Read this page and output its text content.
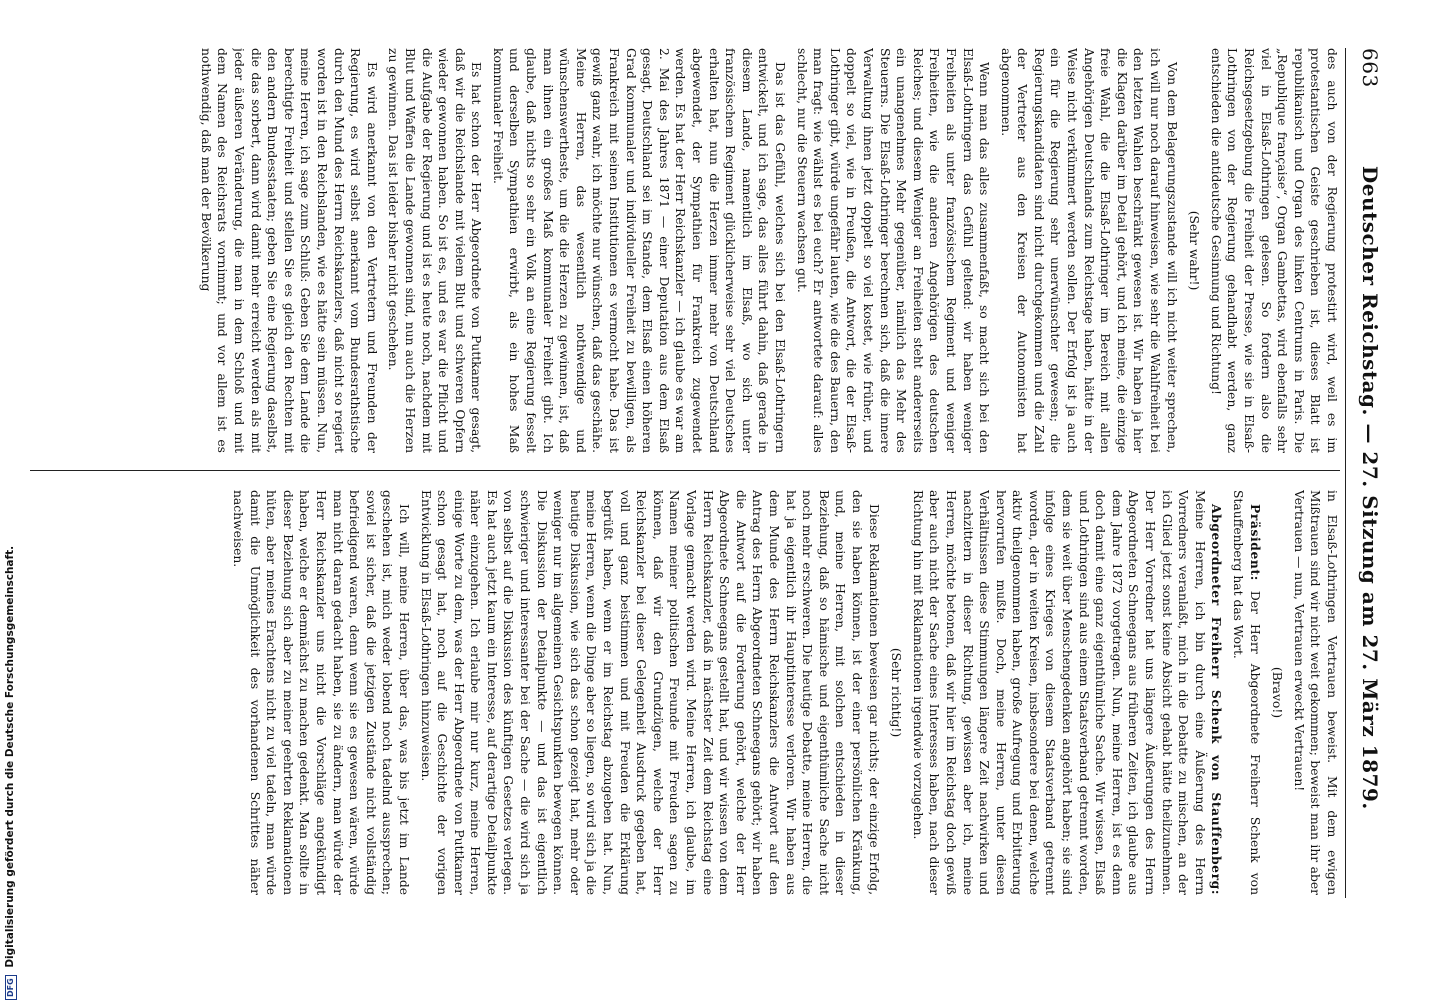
663
Deutscher Reichstag. — 27. Sitzung am 27. März 1879.

des auch von der Regierung protestirt wird, weil es im protestantischen Geiste geschrieben ist, dieses Blatt ist republikanisch und Organ des linken Centrums in Paris. Die „Republique française“, Organ Gambettas, wird ebenfalls sehr viel in Elsaß-Lothringen gelesen. So fordern also die Reichsgesetzgebung die Freiheit der Presse, wie sie in Elsaß-Lothringen von der Regierung gehandhabt werden, ganz entschieden die antideutsche Gesinnung und Richtung!

(Sehr wahr!)

Von dem Belagerungszustande will ich nicht weiter sprechen, ich will nur noch darauf hinweisen, wie sehr die Wahlfreiheit bei den letzten Wahlen beschränkt gewesen ist. Wir haben ja hier die Klagen darüber im Detail gehört, und ich meine, die einzige freie Wahl, die die Elsaß-Lothringer im Bereich mit allen Angehörigen Deutschlands zum Reichstage haben, hätte in der Weise nicht verkümmert werden sollen. Der Erfolg ist ja auch ein für die Regierung sehr unerwünschter gewesen; die Regierungskandidaten sind nicht durchgekommen und die Zahl der Vertreter aus den Kreisen der Autonomisten hat abgenommen.

Wenn man das alles zusammenfaßt, so macht sich bei den Elsaß-Lothringern das Gefühl geltend: wir haben weniger Freiheiten als unter französischem Regiment und weniger Freiheiten, wie die anderen Angehörigen des deutschen Reiches; und diesem Weniger an Freiheiten steht andererseits ein unangenehmes Mehr gegenüber, nämlich das Mehr des Steuerns. Die Elsaß-Lothringer berechnen sich, daß die innere Verwaltung ihnen jetzt doppelt so viel kostet, wie früher, und doppelt so viel, wie in Preußen, die Antwort, die der Elsaß-Lothringer gibt, würde ungefähr lauten, wie die des Bauern, den man fragt: wie wählst es bei euch? Er antwortete darauf: alles schlecht, nur die Steuern wachsen gut.

Das ist das Gefühl, welches sich bei den Elsaß-Lothringern entwickelt, und ich sage, das alles führt dahin, daß gerade in diesem Lande, namentlich im Elsaß, wo sich unter französischem Regiment glücklicherweise sehr viel Deutsches erhalten hat, nun die Herzen immer mehr von Deutschland abgewendet, der Sympathien für Frankreich zugewendet werden. Es hat der Herr Reichskanzler — ich glaube es war am 2. Mai des Jahres 1871 — einer Deputation aus dem Elsaß gesagt, Deutschland sei im Stande, dem Elsaß einen höheren Grad kommunaler und individueller Freiheit zu bewilligen, als Frankreich mit seinen Institutionen es vermocht habe. Das ist gewiß ganz wahr, ich möchte nur wünschen, daß das geschähe. Meine Herren, das wesentlich nothwendige und wünschenswertheste, um die die Herzen zu gewinnen, ist, daß man ihnen ein großes Maß kommunaler Freiheit gibt. Ich glaube, daß nichts so sehr ein Volk an eine Regierung fesselt und derselben Sympathien erwirbt, als ein hohes Maß kommunaler Freiheit.

Es hat schon der Herr Abgeordnete von Puttkamer gesagt, daß wir die Reichslande mit vielem Blut und schweren Opfern wieder gewonnen haben. So ist es, und es war die Pflicht und die Aufgabe der Regierung und ist es heute noch, nachdem mit Blut und Waffen die Lande gewonnen sind, nun auch die Herzen zu gewinnen. Das ist leider bisher nicht geschehen.

Es wird anerkannt von den Vertretern und Freunden der Regierung, es wird selbst anerkannt vom Bundesrathstische durch den Mund des Herrn Reichskanzlers, daß nicht so regiert worden ist in den Reichslanden, wie es hätte sein müssen. Nun, meine Herren, ich sage zum Schluß: Geben Sie dem Lande die berechtigte Freiheit und stellen Sie es gleich den Rechten mit den andern Bundesstaaten; geben Sie eine Regierung daselbst, die das sorbert, dann wird damit mehr erreicht werden als mit jeder äußeren Veränderung, die man in dem Schloß und mit dem Namen des Reichsrats vornimmt; und vor allem ist es nothwendig, daß man der Bevölkerung

in Elsaß-Lothringen Vertrauen beweist. Mit dem ewigen Mißtrauen sind wir nicht weit gekommen; beweist man ihr aber Vertrauen — nun, Vertrauen erweckt Vertrauen!

(Bravo!)

Präsident: Der Herr Abgeordnete Freiherr Schenk von Stauffenberg hat das Wort.

Abgeordneter Freiherr Schenk von Stauffenberg: Meine Herren, ich bin durch eine Äußerung des Herrn Vorredners veranlaßt, mich in die Debatte zu mischen, an der ich Glied jetzt sonst keine Absicht gehabt hätte theilzunehmen. Der Herr Vorredner hat uns längere Äußerungen des Herrn Abgeordneten Schneegans aus früheren Zeiten, ich glaube aus dem Jahre 1872 vorgetragen. Nun, meine Herren, ist es denn doch damit eine ganz eigenthümliche Sache. Wir wissen, Elsaß und Lothringen sind aus einem Staatsverband getrennt worden, dem sie weit über Menschengedenken angehört haben; sie sind infolge eines Krieges von diesem Staatsverband getrennt worden, der in weiten Kreisen, insbesondere bei denen, welche aktiv theilgenommen haben, große Aufregung und Erbitterung hervorrufen mußte. Doch, meine Herren, unter diesen Verhältnissen diese Stimmungen längere Zeit nachwirken und nachzittern in dieser Richtung, gewissen aber ich, meine Herren, möchte betonen, daß wir hier im Reichstag doch gewiß aber auch nicht der Sache eines Interesses haben, nach dieser Richtung hin mit Reklamationen irgendwie vorzugehen.

(Sehr richtig!)

Diese Reklamationen beweisen gar nichts; der einzige Erfolg, den sie haben können, ist der einer persönlichen Kränkung, und, meine Herren, mit solchen entschieden in dieser Beziehung, daß so hämische und eigenthümliche Sache nicht noch mehr erschweren. Die heutige Debatte, meine Herren, die hat ja eigentlich ihr Hauptinteresse verloren. Wir haben aus dem Munde des Herrn Reichskanzlers die Antwort auf den Antrag des Herrn Abgeordneten Schneegans gehört; wir haben die Antwort auf die Forderung gehört, welche der Herr Abgeordnete Schneegans gestellt hat, und wir wissen von dem Herrn Reichskanzler, daß in nächster Zeit dem Reichstag eine Vorlage gemacht werden wird. Meine Herren, ich glaube, im Namen meiner politischen Freunde mit Freuden sagen zu können, daß wir den Grundzügen, welche der Herr Reichskanzler bei dieser Gelegenheit Ausdruck gegeben hat, voll und ganz beistimmen und mit Freuden die Erklärung begrüßt haben, wenn er im Reichstag abzugeben hat. Nun, meine Herren, wenn die Dinge aber so liegen, so wird sich ja die heutige Diskussion, wie sich das schon gezeigt hat, mehr oder weniger nur im allgemeinen Gesichtspunkten bewegen können. Die Diskussion der Detailpunkte — und das ist eigentlich schwieriger und interessanter bei der Sache — die wird sich ja von selbst auf die Diskussion des künftigen Gesetzes verlegen. Es hat auch jetzt kaum ein Interesse, auf derartige Detailpunkte näher einzugehen. Ich erlaube mir nur kurz, meine Herren, einige Worte zu dem, was der Herr Abgeordnete von Puttkamer schon gesagt hat, noch auf die Geschichte der vorigen Entwicklung in Elsaß-Lothringen hinzuweisen.

Ich will, meine Herren, über das, was bis jetzt im Lande geschehen ist, mich weder lobend noch tadelnd aussprechen; soviel ist sicher, daß die jetzigen Zustände nicht vollständig befriedigend waren, denn wenn sie es gewesen wären, würde man nicht daran gedacht haben, sie zu ändern, man würde der Herr Reichskanzler uns nicht die Vorschläge angekündigt haben, welche er demnächst zu machen gedenkt. Man sollte in dieser Beziehung sich aber zu meiner geehrten Reklamationen hüten, aber meines Erachtens nicht zu viel tadeln, man würde damit die Unmöglichkeit des vorhandenen Schrittes näher nachweisen.

DFG Digitalisierung gefördert durch die Deutsche Forschungsgemeinschaft.
